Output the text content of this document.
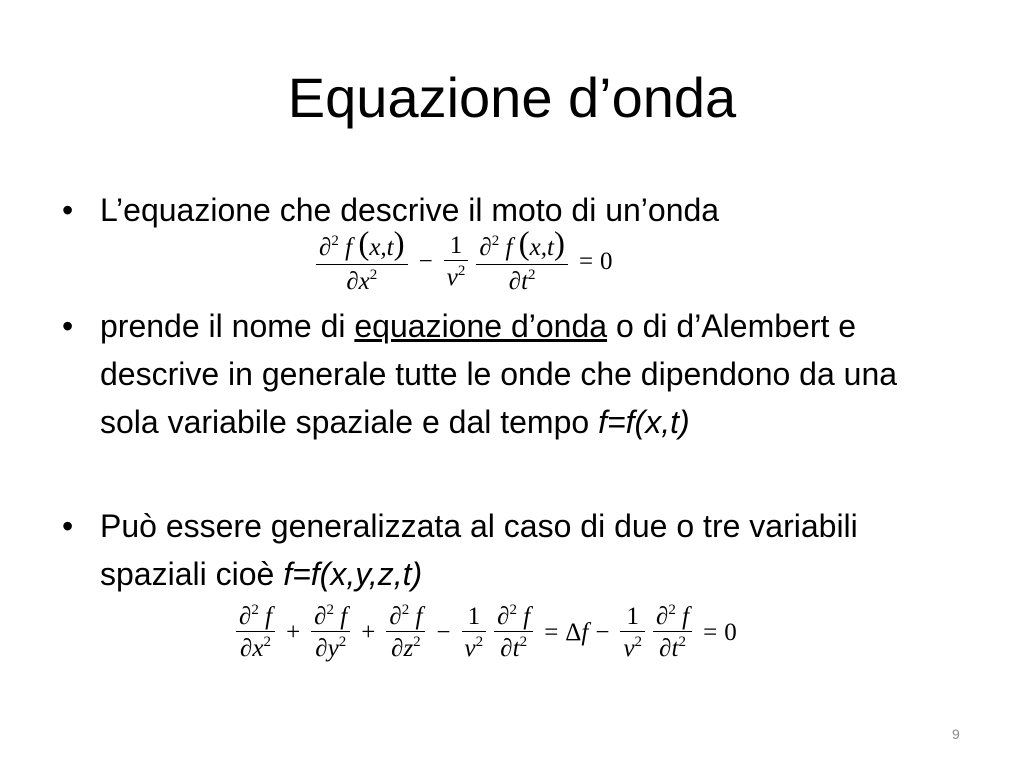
Equazione d’onda
• L’equazione che descrive il moto di un’onda
$\frac{\partial^2 f (x,t)}{\partial x^2} - \frac{1}{v^2} \frac{\partial^2 f (x,t)}{\partial t^2} = 0$
• prende il nome di equazione d’onda o di d’Alembert e descrive in generale tutte le onde che dipendono da una sola variabile spaziale e dal tempo f=f(x,t)
• Può essere generalizzata al caso di due o tre variabili spaziali cioè f=f(x,y,z,t)
$\frac{\partial^2 f}{\partial x^2} + \frac{\partial^2 f}{\partial y^2} + \frac{\partial^2 f}{\partial z^2} - \frac{1}{v^2} \frac{\partial^2 f}{\partial t^2} = \Delta$ $f - \frac{1}{v^2} \frac{\partial^2 f}{\partial t^2} = 0$
9
